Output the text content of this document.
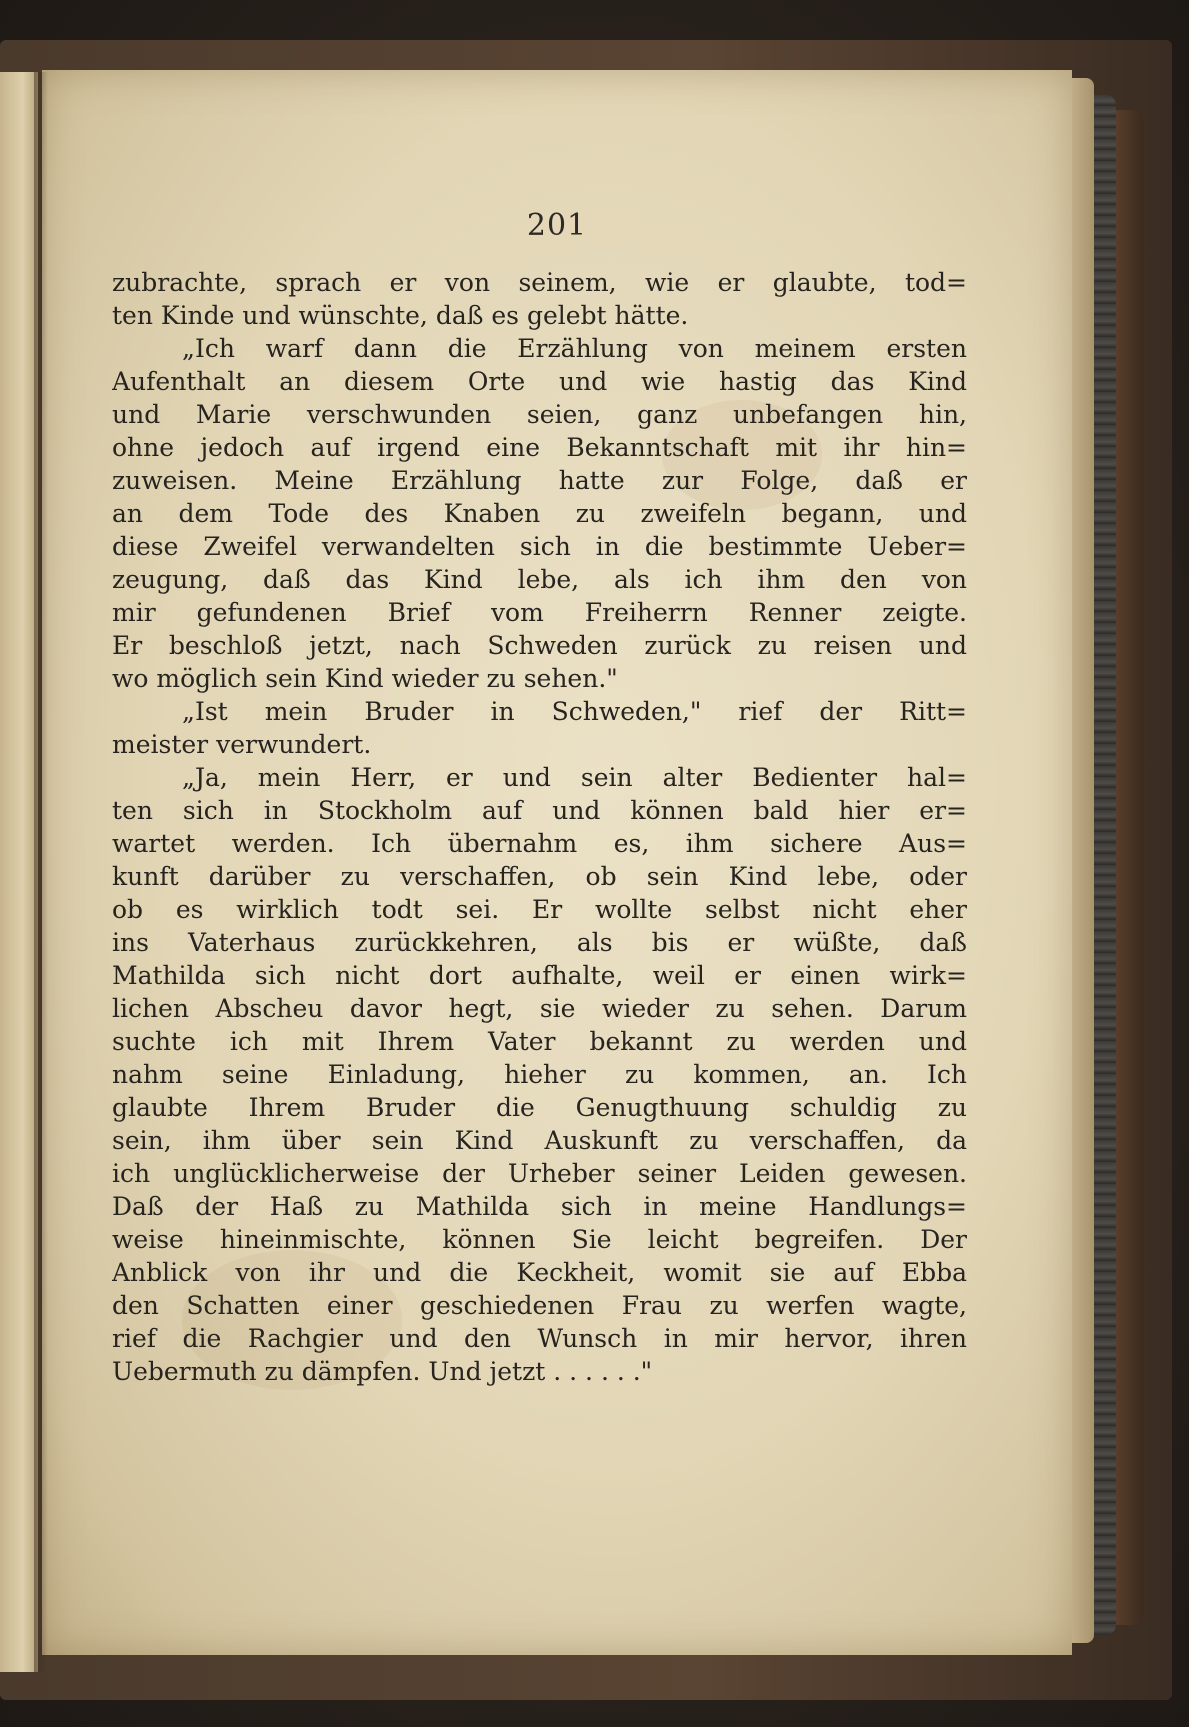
201
zubrachte, sprach er von seinem, wie er glaubte, tod=
ten Kinde und wünschte, daß es gelebt hätte.
„Ich warf dann die Erzählung von meinem ersten
Aufenthalt an diesem Orte und wie hastig das Kind
und Marie verschwunden seien, ganz unbefangen hin,
ohne jedoch auf irgend eine Bekanntschaft mit ihr hin=
zuweisen. Meine Erzählung hatte zur Folge, daß er
an dem Tode des Knaben zu zweifeln begann, und
diese Zweifel verwandelten sich in die bestimmte Ueber=
zeugung, daß das Kind lebe, als ich ihm den von
mir gefundenen Brief vom Freiherrn Renner zeigte.
Er beschloß jetzt, nach Schweden zurück zu reisen und
wo möglich sein Kind wieder zu sehen."
„Ist mein Bruder in Schweden," rief der Ritt=
meister verwundert.
„Ja, mein Herr, er und sein alter Bedienter hal=
ten sich in Stockholm auf und können bald hier er=
wartet werden. Ich übernahm es, ihm sichere Aus=
kunft darüber zu verschaffen, ob sein Kind lebe, oder
ob es wirklich todt sei. Er wollte selbst nicht eher
ins Vaterhaus zurückkehren, als bis er wüßte, daß
Mathilda sich nicht dort aufhalte, weil er einen wirk=
lichen Abscheu davor hegt, sie wieder zu sehen. Darum
suchte ich mit Ihrem Vater bekannt zu werden und
nahm seine Einladung, hieher zu kommen, an. Ich
glaubte Ihrem Bruder die Genugthuung schuldig zu
sein, ihm über sein Kind Auskunft zu verschaffen, da
ich unglücklicherweise der Urheber seiner Leiden gewesen.
Daß der Haß zu Mathilda sich in meine Handlungs=
weise hineinmischte, können Sie leicht begreifen. Der
Anblick von ihr und die Keckheit, womit sie auf Ebba
den Schatten einer geschiedenen Frau zu werfen wagte,
rief die Rachgier und den Wunsch in mir hervor, ihren
Uebermuth zu dämpfen. Und jetzt . . . . . ."
